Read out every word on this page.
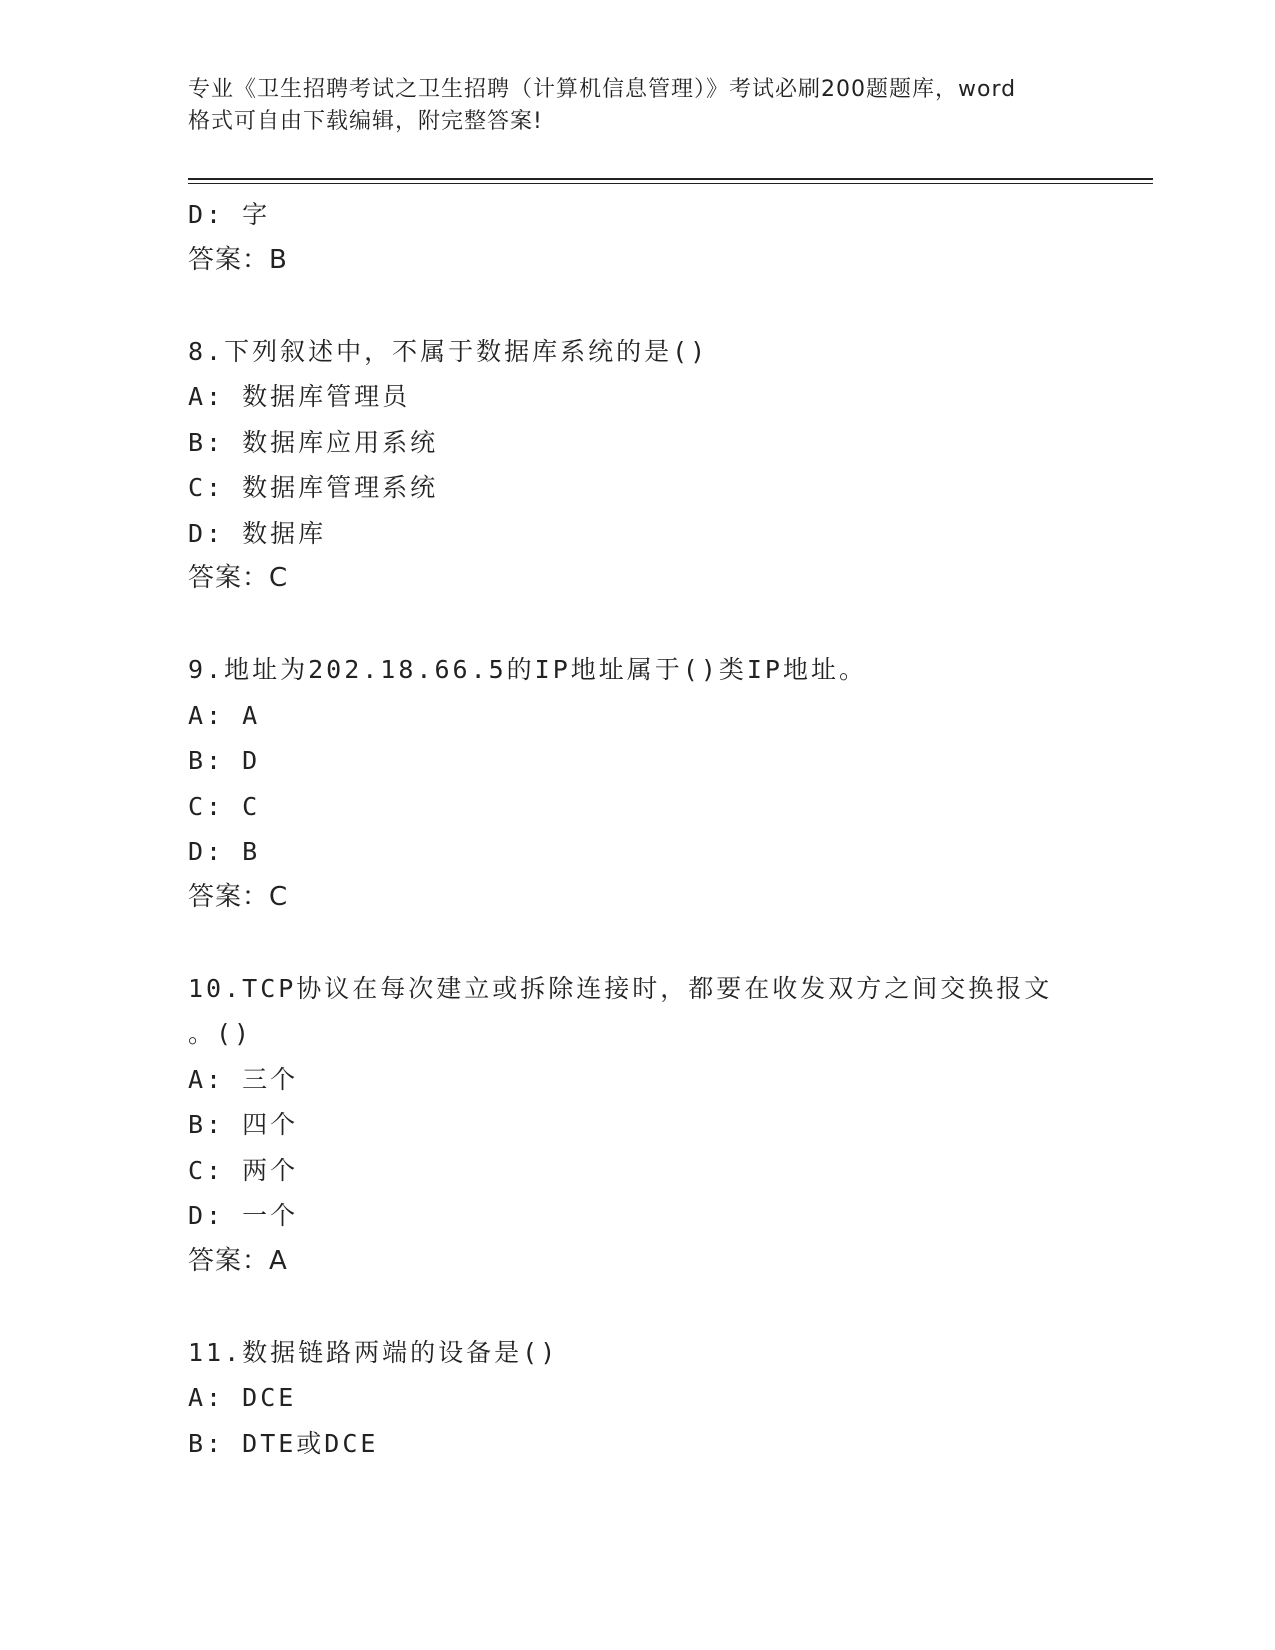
专业《卫生招聘考试之卫生招聘（计算机信息管理）》考试必刷200题题库，word
格式可自由下载编辑，附完整答案!
D: 字
答案：B
8.下列叙述中，不属于数据库系统的是()
A: 数据库管理员
B: 数据库应用系统
C: 数据库管理系统
D: 数据库
答案：C
9.地址为202.18.66.5的IP地址属于()类IP地址。
A: A
B: D
C: C
D: B
答案：C
10.TCP协议在每次建立或拆除连接时，都要在收发双方之间交换报文
。()
A: 三个
B: 四个
C: 两个
D: 一个
答案：A
11.数据链路两端的设备是()
A: DCE
B: DTE或DCE
